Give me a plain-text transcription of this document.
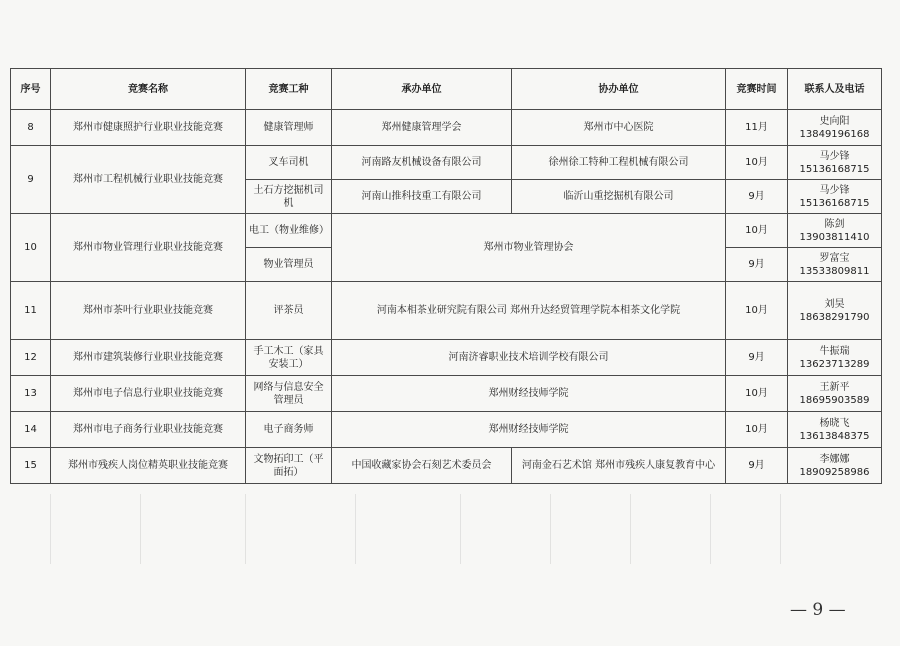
序号	竞赛名称	竞赛工种	承办单位	协办单位	竞赛时间	联系人及电话
8	郑州市健康照护行业职业技能竞赛	健康管理师	郑州健康管理学会	郑州市中心医院	11月	史向阳
13849196168

9	郑州市工程机械行业职业技能竞赛	叉车司机	河南路友机械设备有限公司	徐州徐工特种工程机械有限公司	10月	马少锋
15136168715

		土石方挖掘机司机	河南山推科技重工有限公司	临沂山重挖掘机有限公司	9月	马少锋
15136168715

10	郑州市物业管理行业职业技能竞赛	电工（物业维修）	郑州市物业管理协会		10月	陈剑
13903811410

		物业管理员			9月	罗富宝
13533809811

11	郑州市茶叶行业职业技能竞赛	评茶员	河南本相茶业研究院有限公司 郑州升达经贸管理学院本相茶文化学院		10月	刘昊
18638291790

12	郑州市建筑装修行业职业技能竞赛	手工木工（家具安装工）	河南济睿职业技术培训学校有限公司		9月	牛振瑞
13623713289

13	郑州市电子信息行业职业技能竞赛	网络与信息安全管理员	郑州财经技师学院		10月	王新平
18695903589

14	郑州市电子商务行业职业技能竞赛	电子商务师	郑州财经技师学院		10月	杨晓飞
13613848375

15	郑州市残疾人岗位精英职业技能竞赛	文物拓印工（平面拓）	中国收藏家协会石刻艺术委员会	河南金石艺术馆 郑州市残疾人康复教育中心	9月	李娜娜
18909258986
— 9 —
